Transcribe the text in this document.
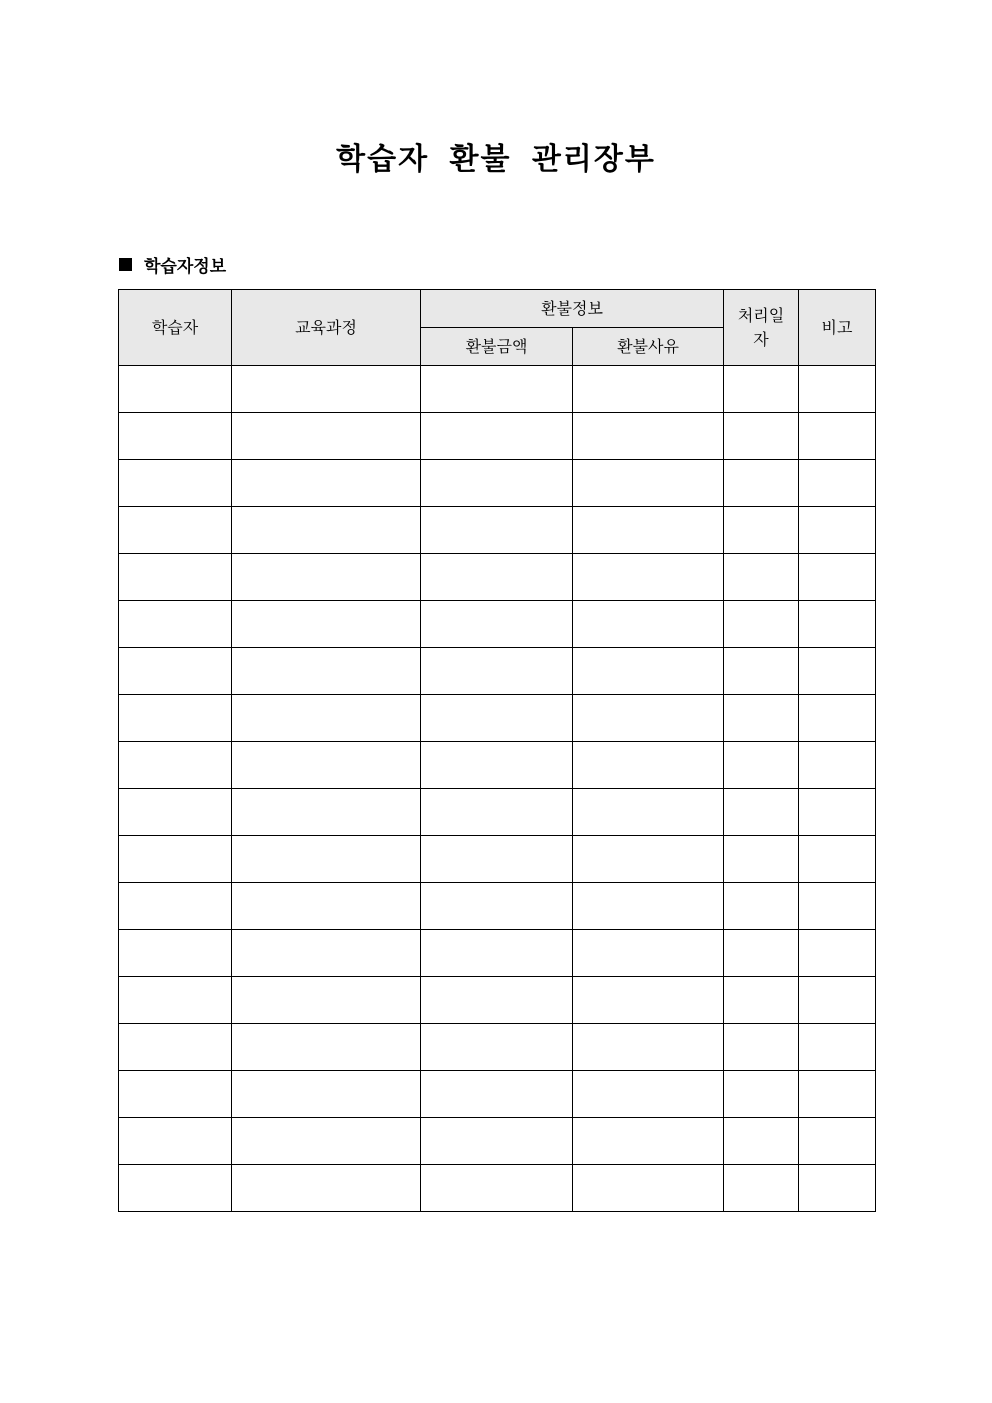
학습자 환불 관리장부
학습자정보
학습자	교육과정	환불정보		처리일자	비고
		환불금액	환불사유		
